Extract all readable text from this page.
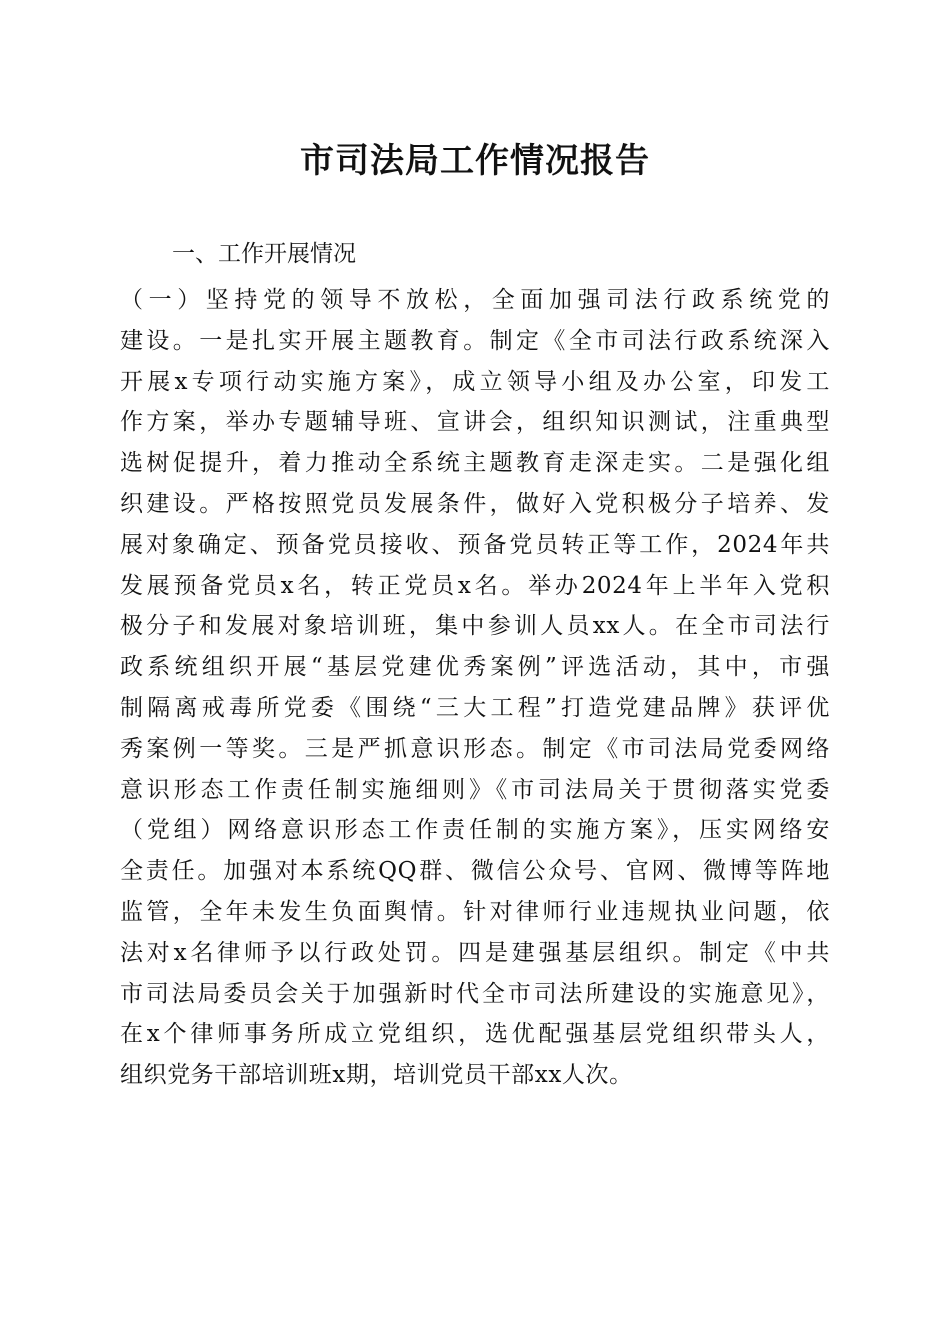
市司法局工作情况报告
一、工作开展情况
（一）坚持党的领导不放松，全面加强司法行政系统党的
建设。一是扎实开展主题教育。制定《全市司法行政系统深入
开展x专项行动实施方案》，成立领导小组及办公室，印发工
作方案，举办专题辅导班、宣讲会，组织知识测试，注重典型
选树促提升，着力推动全系统主题教育走深走实。二是强化组
织建设。严格按照党员发展条件，做好入党积极分子培养、发
展对象确定、预备党员接收、预备党员转正等工作，2024年共
发展预备党员x名，转正党员x名。举办2024年上半年入党积
极分子和发展对象培训班，集中参训人员xx人。在全市司法行
政系统组织开展“基层党建优秀案例”评选活动，其中，市强
制隔离戒毒所党委《围绕“三大工程”打造党建品牌》获评优
秀案例一等奖。三是严抓意识形态。制定《市司法局党委网络
意识形态工作责任制实施细则》《市司法局关于贯彻落实党委
（党组）网络意识形态工作责任制的实施方案》，压实网络安
全责任。加强对本系统QQ群、微信公众号、官网、微博等阵地
监管，全年未发生负面舆情。针对律师行业违规执业问题，依
法对x名律师予以行政处罚。四是建强基层组织。制定《中共
市司法局委员会关于加强新时代全市司法所建设的实施意见》，
在x个律师事务所成立党组织，选优配强基层党组织带头人，
组织党务干部培训班x期，培训党员干部xx人次。
